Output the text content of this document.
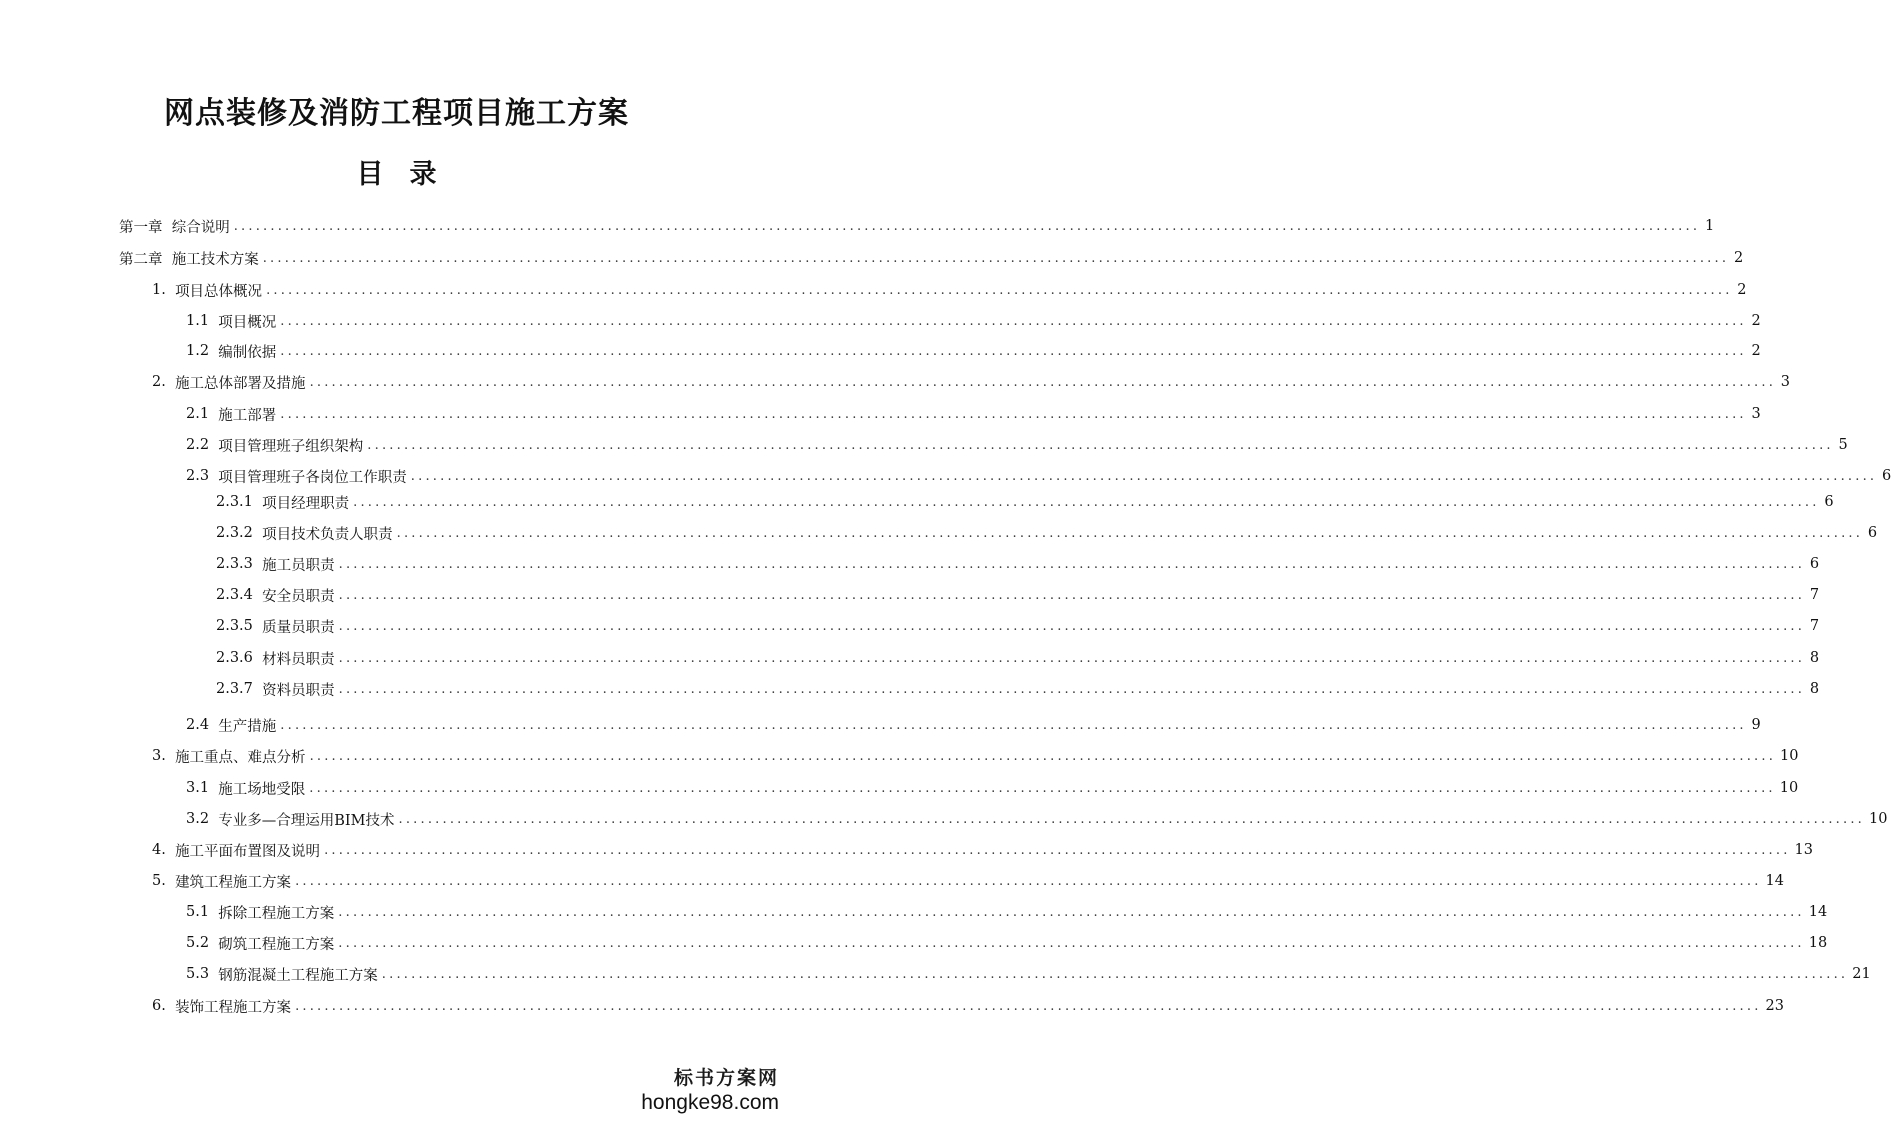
网点装修及消防工程项目施工方案
目录
第一章 综合说明 ........................................................................................................................................................................................................ 1
第二章 施工技术方案 ........................................................................................................................................................................................................ 2
1. 项目总体概况 ........................................................................................................................................................................................................ 2
1.1 项目概况 ........................................................................................................................................................................................................ 2
1.2 编制依据 ........................................................................................................................................................................................................ 2
2. 施工总体部署及措施 ........................................................................................................................................................................................................ 3
2.1 施工部署 ........................................................................................................................................................................................................ 3
2.2 项目管理班子组织架构 ........................................................................................................................................................................................................ 5
2.3 项目管理班子各岗位工作职责 ........................................................................................................................................................................................................ 6
2.3.1 项目经理职责 ........................................................................................................................................................................................................ 6
2.3.2 项目技术负责人职责 ........................................................................................................................................................................................................ 6
2.3.3 施工员职责 ........................................................................................................................................................................................................ 6
2.3.4 安全员职责 ........................................................................................................................................................................................................ 7
2.3.5 质量员职责 ........................................................................................................................................................................................................ 7
2.3.6 材料员职责 ........................................................................................................................................................................................................ 8
2.3.7 资料员职责 ........................................................................................................................................................................................................ 8
2.4 生产措施 ........................................................................................................................................................................................................ 9
3. 施工重点、难点分析 ........................................................................................................................................................................................................ 10
3.1 施工场地受限 ........................................................................................................................................................................................................ 10
3.2 专业多—合理运用BIM技术 ........................................................................................................................................................................................................ 10
4. 施工平面布置图及说明 ........................................................................................................................................................................................................ 13
5. 建筑工程施工方案 ........................................................................................................................................................................................................ 14
5.1 拆除工程施工方案 ........................................................................................................................................................................................................ 14
5.2 砌筑工程施工方案 ........................................................................................................................................................................................................ 18
5.3 钢筋混凝土工程施工方案 ........................................................................................................................................................................................................ 21
6. 装饰工程施工方案 ........................................................................................................................................................................................................ 23
标书方案网
hongke98.com
